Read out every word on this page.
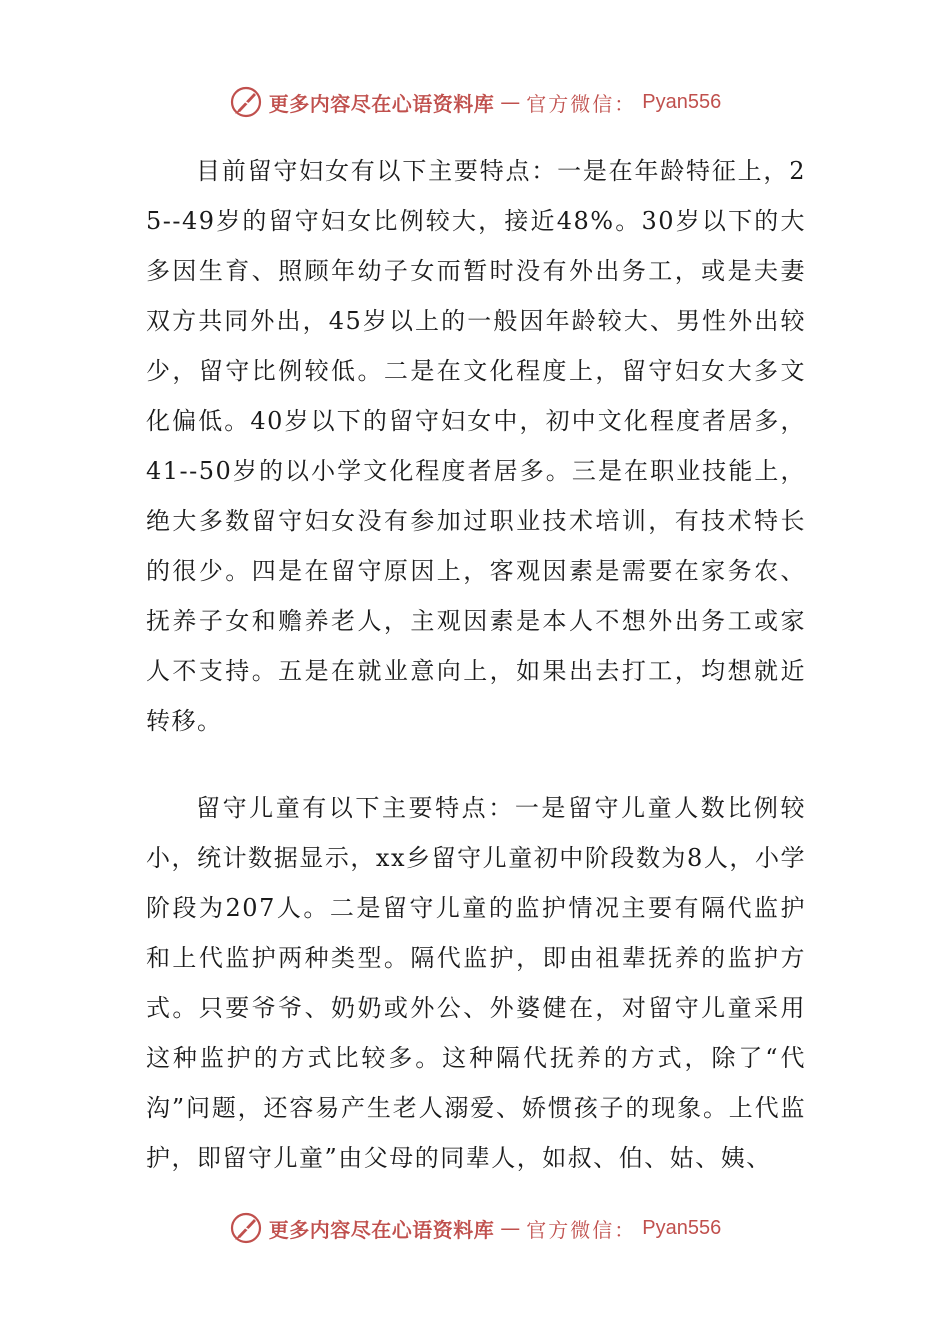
更多内容尽在心语资料库 — 官方微信： Pyan556

目前留守妇女有以下主要特点：一是在年龄特征上，25--49岁的留守妇女比例较大，接近48%。30岁以下的大多因生育、照顾年幼子女而暂时没有外出务工，或是夫妻双方共同外出，45岁以上的一般因年龄较大、男性外出较少，留守比例较低。二是在文化程度上，留守妇女大多文化偏低。40岁以下的留守妇女中，初中文化程度者居多，41--50岁的以小学文化程度者居多。三是在职业技能上，绝大多数留守妇女没有参加过职业技术培训，有技术特长的很少。四是在留守原因上，客观因素是需要在家务农、抚养子女和赡养老人，主观因素是本人不想外出务工或家人不支持。五是在就业意向上，如果出去打工，均想就近转移。

留守儿童有以下主要特点：一是留守儿童人数比例较小，统计数据显示，xx乡留守儿童初中阶段数为8人，小学阶段为207人。二是留守儿童的监护情况主要有隔代监护和上代监护两种类型。隔代监护，即由祖辈抚养的监护方式。只要爷爷、奶奶或外公、外婆健在，对留守儿童采用这种监护的方式比较多。这种隔代抚养的方式，除了“代沟”问题，还容易产生老人溺爱、娇惯孩子的现象。上代监护，即留守儿童”由父母的同辈人，如叔、伯、姑、姨、

更多内容尽在心语资料库 — 官方微信： Pyan556
